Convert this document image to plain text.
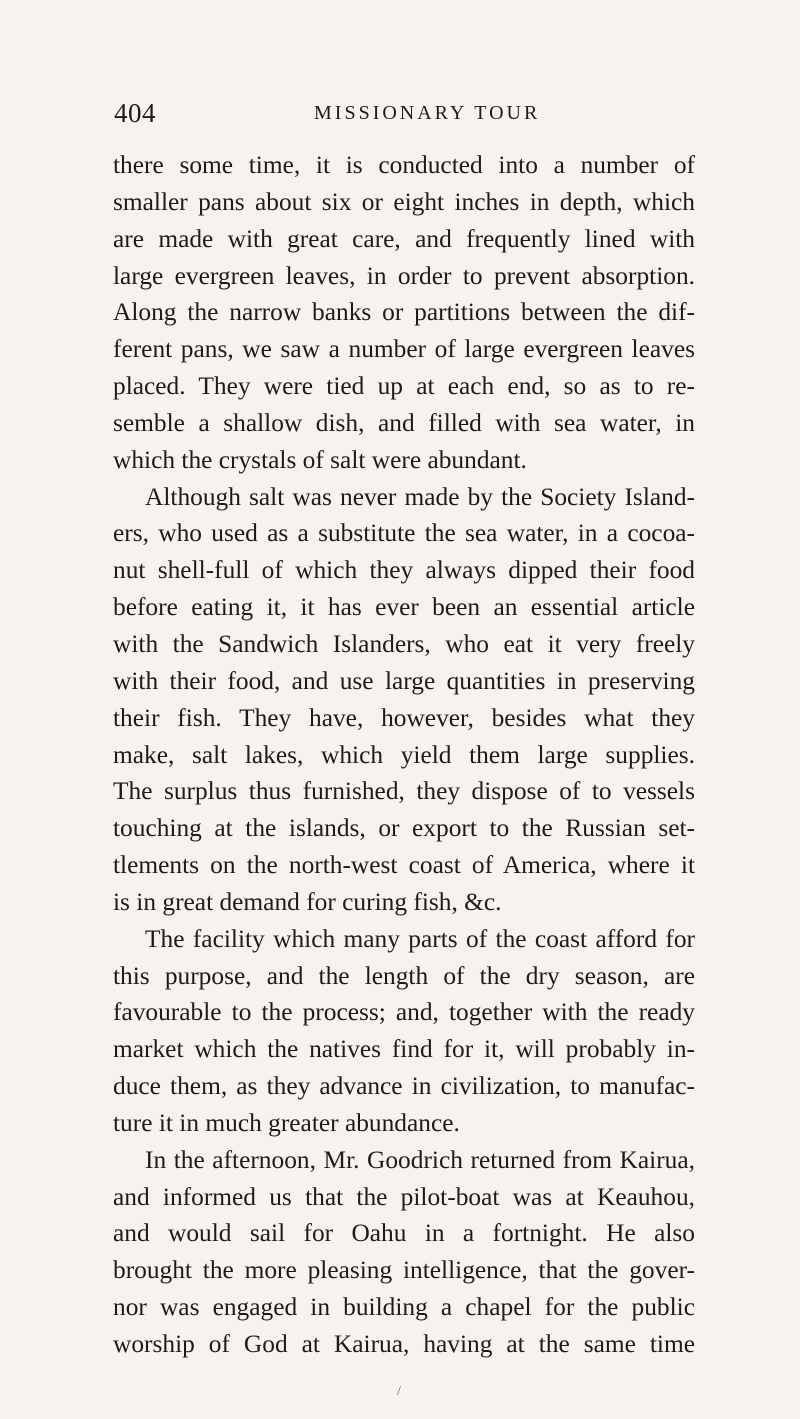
404	MISSIONARY TOUR
there some time, it is conducted into a number of
smaller pans about six or eight inches in depth, which
are made with great care, and frequently lined with
large evergreen leaves, in order to prevent absorption.
Along the narrow banks or partitions between the dif-
ferent pans, we saw a number of large evergreen leaves
placed. They were tied up at each end, so as to re-
semble a shallow dish, and filled with sea water, in
which the crystals of salt were abundant.
Although salt was never made by the Society Island-
ers, who used as a substitute the sea water, in a cocoa-
nut shell-full of which they always dipped their food
before eating it, it has ever been an essential article
with the Sandwich Islanders, who eat it very freely
with their food, and use large quantities in preserving
their fish. They have, however, besides what they
make, salt lakes, which yield them large supplies.
The surplus thus furnished, they dispose of to vessels
touching at the islands, or export to the Russian set-
tlements on the north-west coast of America, where it
is in great demand for curing fish, &c.
The facility which many parts of the coast afford for
this purpose, and the length of the dry season, are
favourable to the process; and, together with the ready
market which the natives find for it, will probably in-
duce them, as they advance in civilization, to manufac-
ture it in much greater abundance.
In the afternoon, Mr. Goodrich returned from Kairua,
and informed us that the pilot-boat was at Keauhou,
and would sail for Oahu in a fortnight. He also
brought the more pleasing intelligence, that the gover-
nor was engaged in building a chapel for the public
worship of God at Kairua, having at the same time
/
